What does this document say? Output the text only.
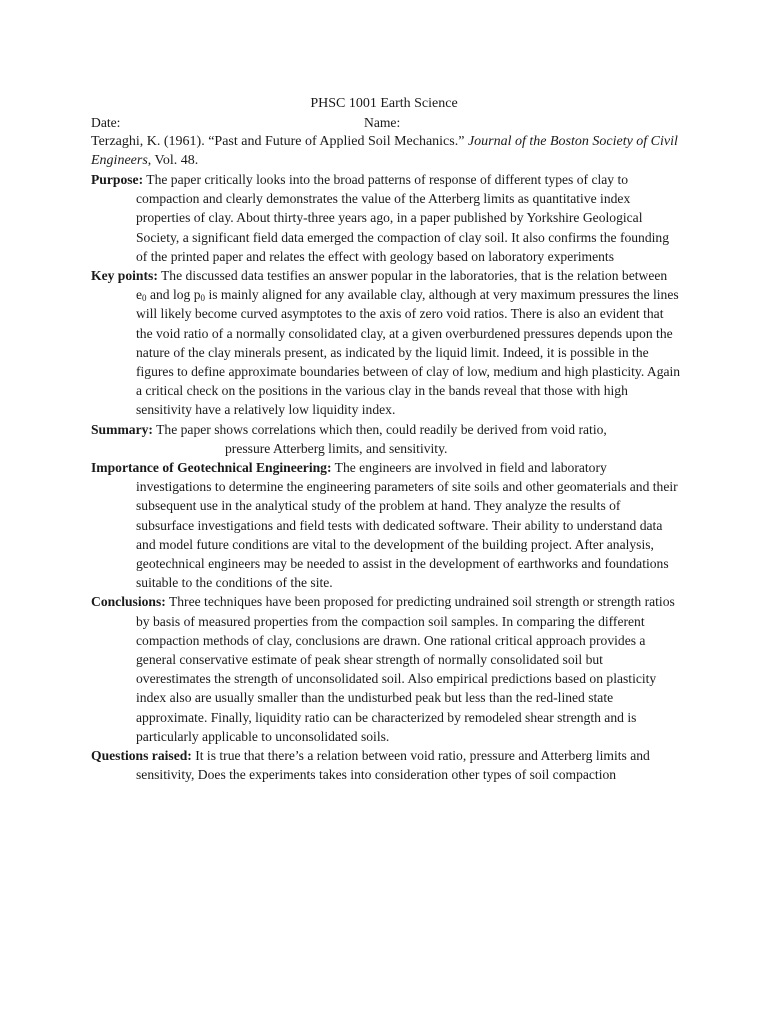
PHSC 1001 Earth Science
Date:	Name:
Terzaghi, K. (1961). “Past and Future of Applied Soil Mechanics.” Journal of the Boston Society of Civil Engineers, Vol. 48.

Purpose: The paper critically looks into the broad patterns of response of different types of clay to compaction and clearly demonstrates the value of the Atterberg limits as quantitative index properties of clay. About thirty-three years ago, in a paper published by Yorkshire Geological Society, a significant field data emerged the compaction of clay soil. It also confirms the founding of the printed paper and relates the effect with geology based on laboratory experiments

Key points: The discussed data testifies an answer popular in the laboratories, that is the relation between $e_0$ and $\log p_0$ is mainly aligned for any available clay, although at very maximum pressures the lines will likely become curved asymptotes to the axis of zero void ratios. There is also an evident that the void ratio of a normally consolidated clay, at a given overburdened pressures depends upon the nature of the clay minerals present, as indicated by the liquid limit. Indeed, it is possible in the figures to define approximate boundaries between of clay of low, medium and high plasticity. Again a critical check on the positions in the various clay in the bands reveal that those with high sensitivity have a relatively low liquidity index.

Summary: The paper shows correlations which then, could readily be derived from void ratio,
pressure Atterberg limits, and sensitivity.

Importance of Geotechnical Engineering: The engineers are involved in field and laboratory investigations to determine the engineering parameters of site soils and other geomaterials and their subsequent use in the analytical study of the problem at hand. They analyze the results of subsurface investigations and field tests with dedicated software. Their ability to understand data and model future conditions are vital to the development of the building project. After analysis, geotechnical engineers may be needed to assist in the development of earthworks and foundations suitable to the conditions of the site.

Conclusions: Three techniques have been proposed for predicting undrained soil strength or strength ratios by basis of measured properties from the compaction soil samples. In comparing the different compaction methods of clay, conclusions are drawn. One rational critical approach provides a general conservative estimate of peak shear strength of normally consolidated soil but overestimates the strength of unconsolidated soil. Also empirical predictions based on plasticity index also are usually smaller than the undisturbed peak but less than the red-lined state approximate. Finally, liquidity ratio can be characterized by remodeled shear strength and is particularly applicable to unconsolidated soils.

Questions raised: It is true that there’s a relation between void ratio, pressure and Atterberg limits and sensitivity, Does the experiments takes into consideration other types of soil compaction
